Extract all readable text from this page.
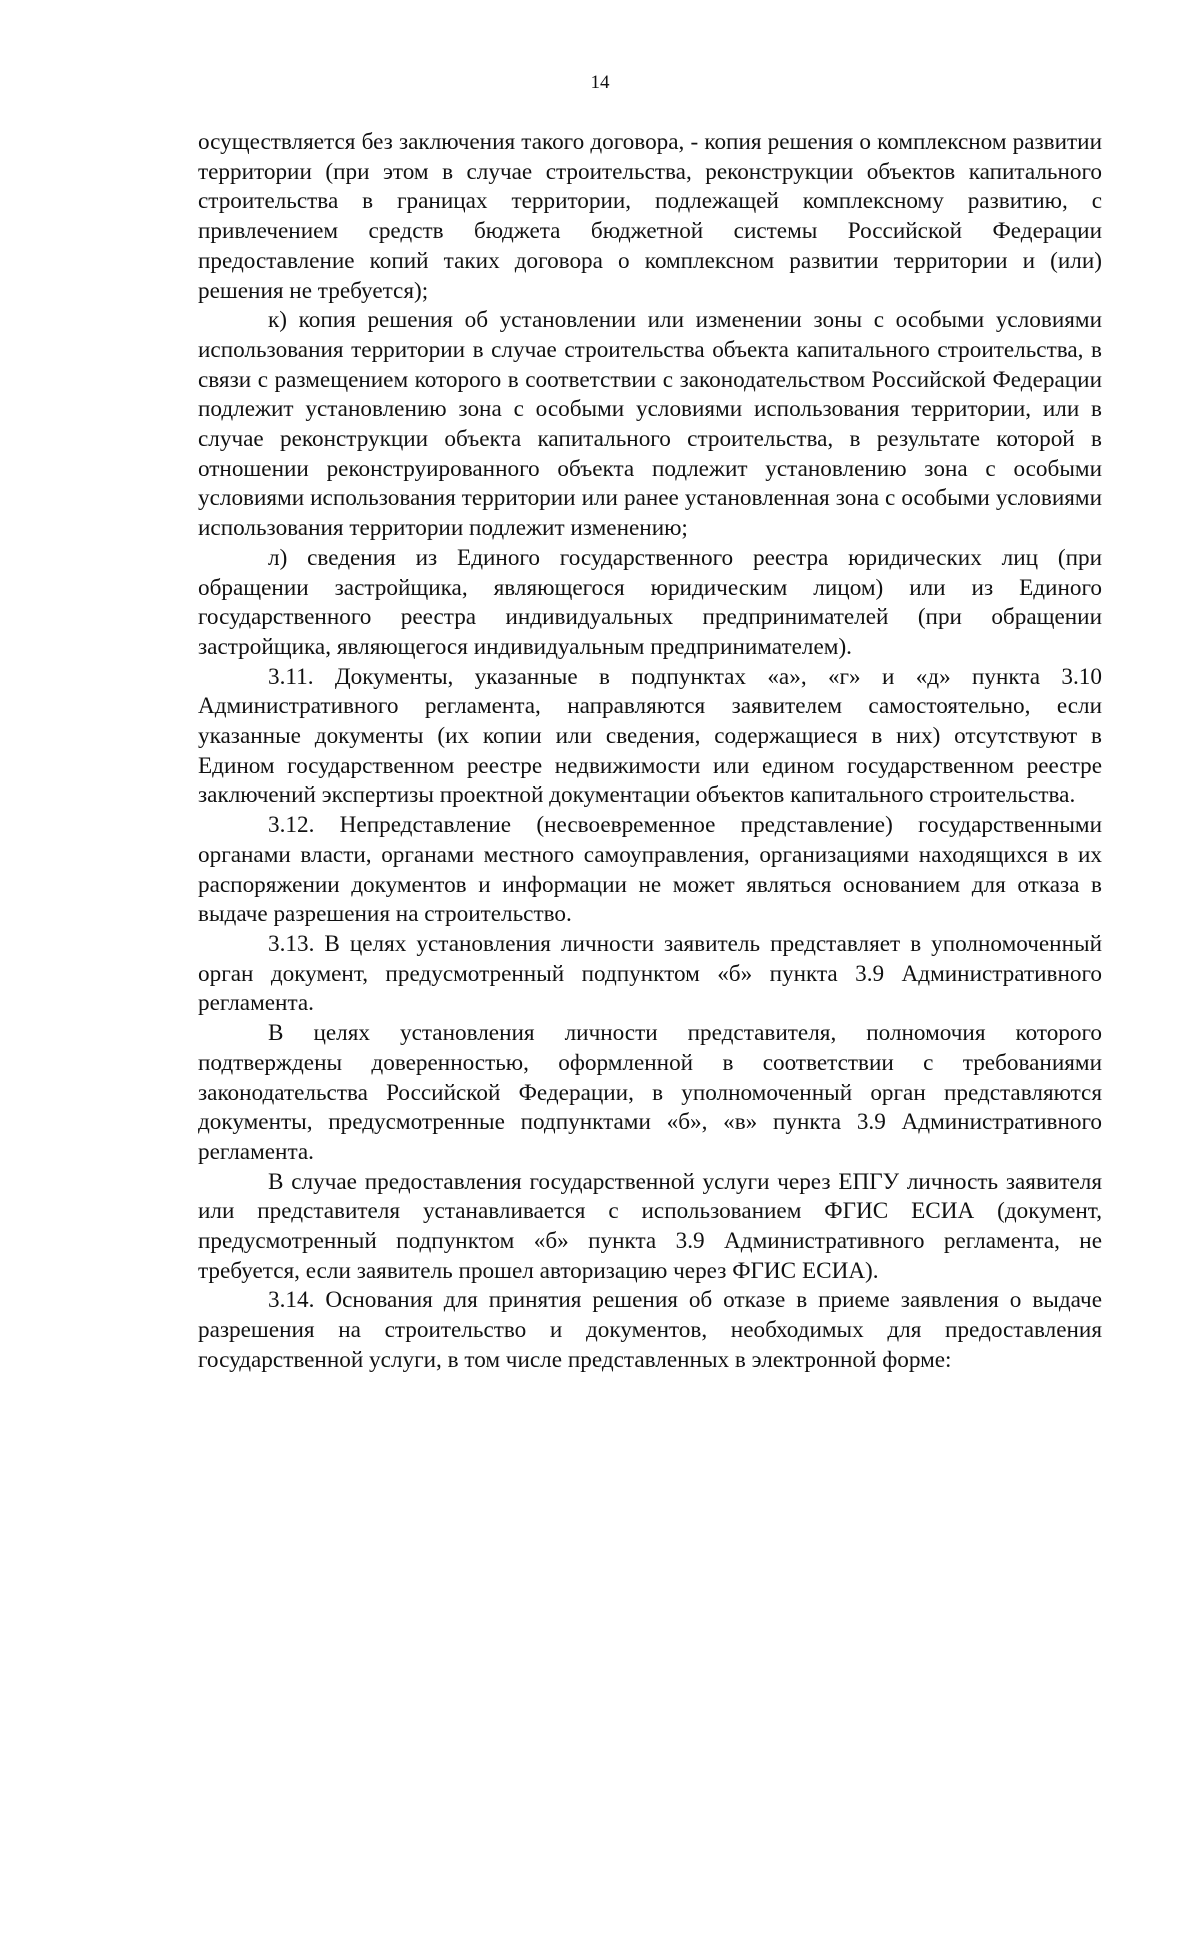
14

осуществляется без заключения такого договора, - копия решения о комплексном развитии территории (при этом в случае строительства, реконструкции объектов капитального строительства в границах территории, подлежащей комплексному развитию, с привлечением средств бюджета бюджетной системы Российской Федерации предоставление копий таких договора о комплексном развитии территории и (или) решения не требуется);

к) копия решения об установлении или изменении зоны с особыми условиями использования территории в случае строительства объекта капитального строительства, в связи с размещением которого в соответствии с законодательством Российской Федерации подлежит установлению зона с особыми условиями использования территории, или в случае реконструкции объекта капитального строительства, в результате которой в отношении реконструированного объекта подлежит установлению зона с особыми условиями использования территории или ранее установленная зона с особыми условиями использования территории подлежит изменению;

л) сведения из Единого государственного реестра юридических лиц (при обращении застройщика, являющегося юридическим лицом) или из Единого государственного реестра индивидуальных предпринимателей (при обращении застройщика, являющегося индивидуальным предпринимателем).

3.11. Документы, указанные в подпунктах «а», «г» и «д» пункта 3.10 Административного регламента, направляются заявителем самостоятельно, если указанные документы (их копии или сведения, содержащиеся в них) отсутствуют в Едином государственном реестре недвижимости или едином государственном реестре заключений экспертизы проектной документации объектов капитального строительства.

3.12. Непредставление (несвоевременное представление) государственными органами власти, органами местного самоуправления, организациями находящихся в их распоряжении документов и информации не может являться основанием для отказа в выдаче разрешения на строительство.

3.13. В целях установления личности заявитель представляет в уполномоченный орган документ, предусмотренный подпунктом «б» пункта 3.9 Административного регламента.

В целях установления личности представителя, полномочия которого подтверждены доверенностью, оформленной в соответствии с требованиями законодательства Российской Федерации, в уполномоченный орган представляются документы, предусмотренные подпунктами «б», «в» пункта 3.9 Административного регламента.

В случае предоставления государственной услуги через ЕПГУ личность заявителя или представителя устанавливается с использованием ФГИС ЕСИА (документ, предусмотренный подпунктом «б» пункта 3.9 Административного регламента, не требуется, если заявитель прошел авторизацию через ФГИС ЕСИА).

3.14. Основания для принятия решения об отказе в приеме заявления о выдаче разрешения на строительство и документов, необходимых для предоставления государственной услуги, в том числе представленных в электронной форме:
